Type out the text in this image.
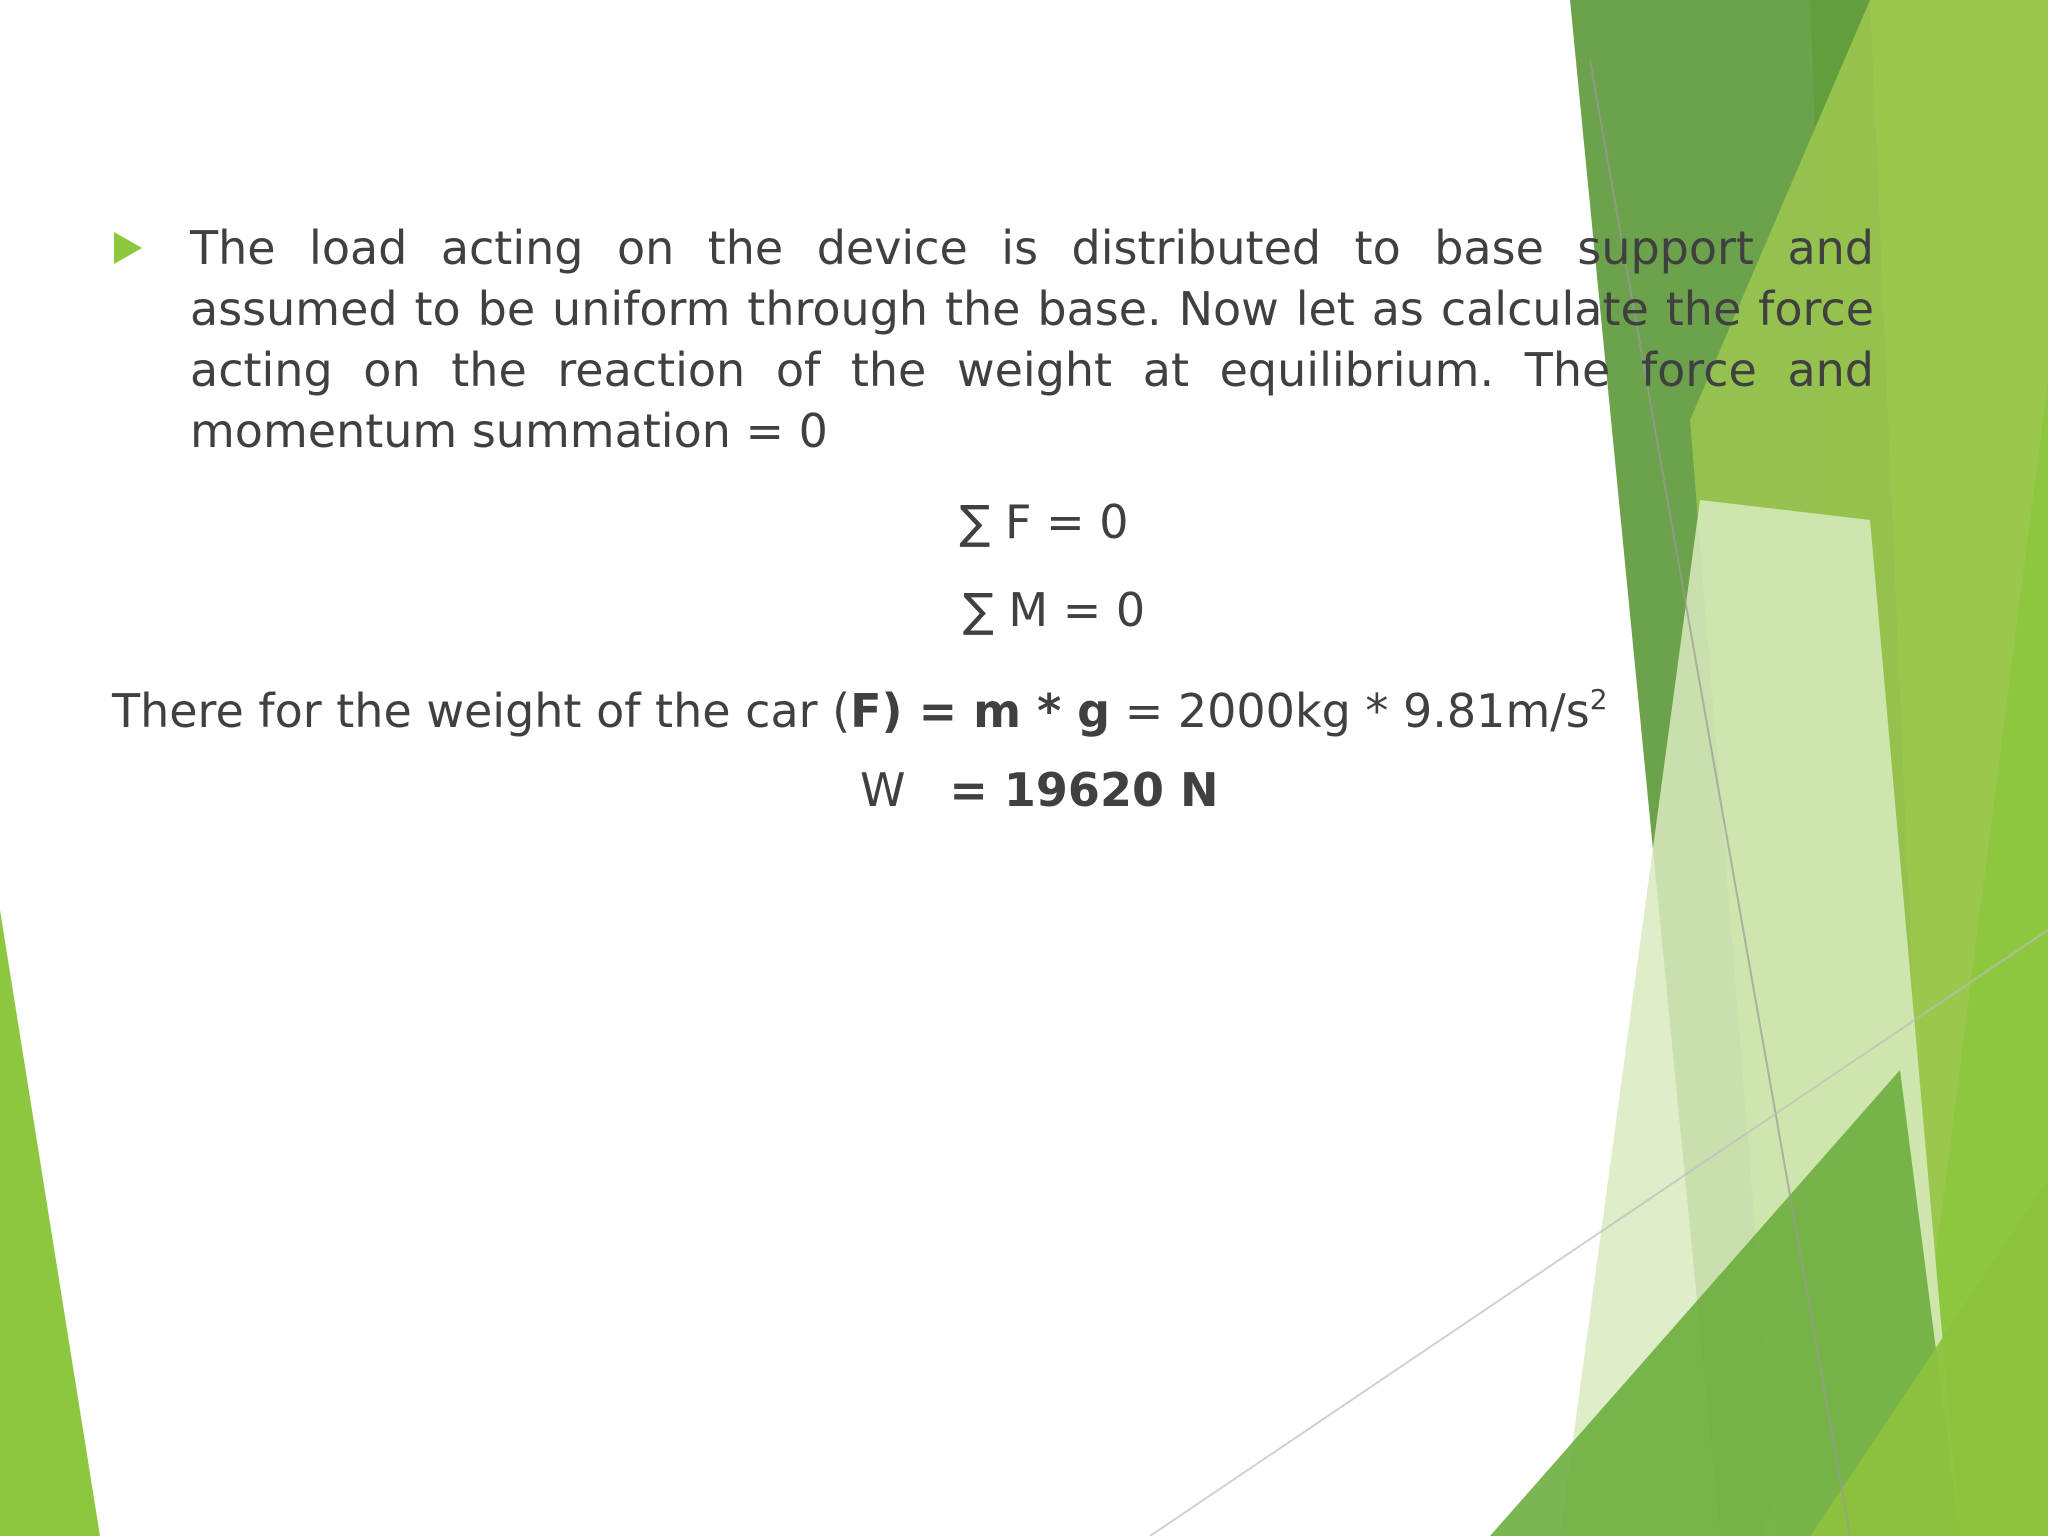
The load acting on the device is distributed to base support and assumed to be uniform through the base. Now let as calculate the force acting on the reaction of the weight at equilibrium. The force and momentum summation = 0
∑ F = 0
∑ M = 0
There for the weight of the car $(F) = m * g = 2000kg * 9.81m/s^2$
W   = 19620 N
